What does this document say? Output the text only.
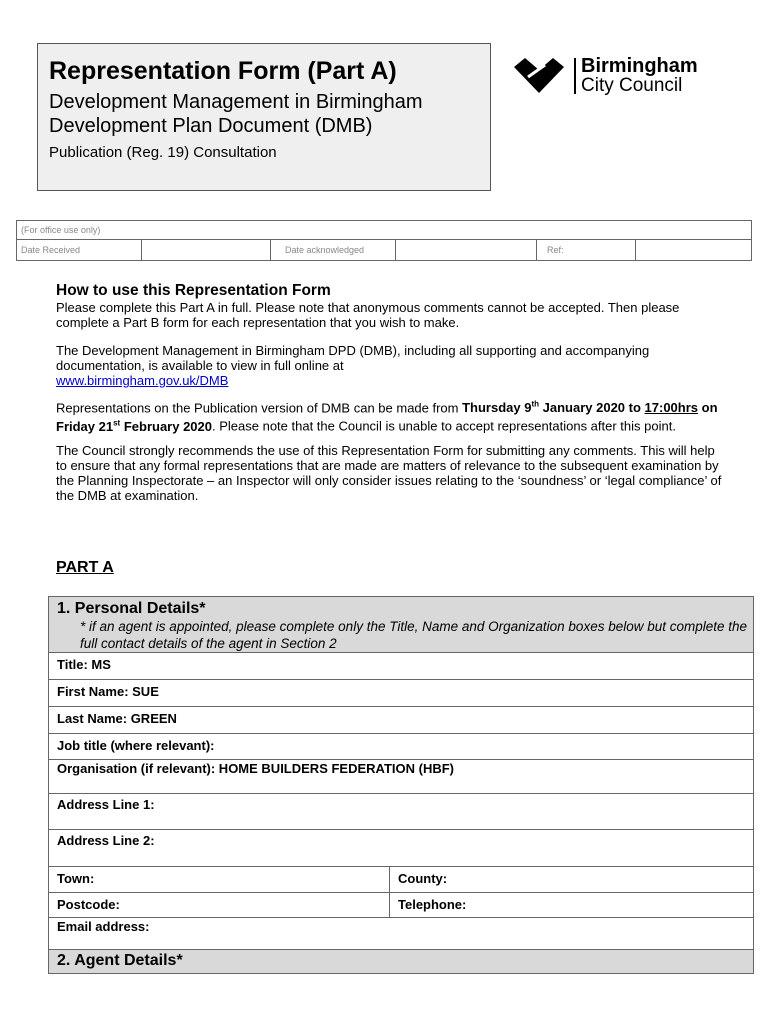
Representation Form (Part A)
Development Management in Birmingham Development Plan Document (DMB)
Publication (Reg. 19) Consultation
Birmingham
City Council
(For office use only)
Date Received		Date acknowledged		Ref:	
How to use this Representation Form

Please complete this Part A in full. Please note that anonymous comments cannot be accepted. Then please complete a Part B form for each representation that you wish to make.

The Development Management in Birmingham DPD (DMB), including all supporting and accompanying documentation, is available to view in full online at

www.birmingham.gov.uk/DMB

Representations on the Publication version of DMB can be made from Thursday 9th January 2020 to 17:00hrs on Friday 21st February 2020. Please note that the Council is unable to accept representations after this point.

The Council strongly recommends the use of this Representation Form for submitting any comments. This will help to ensure that any formal representations that are made are matters of relevance to the subsequent examination by the Planning Inspectorate – an Inspector will only consider issues relating to the ‘soundness’ or ‘legal compliance’ of the DMB at examination.

PART A
1. Personal Details*
* if an agent is appointed, please complete only the Title, Name and Organization boxes below but complete the full contact details of the agent in Section 2	

Title: MS	
First Name: SUE	
Last Name: GREEN	
Job title (where relevant):	
Organisation (if relevant): HOME BUILDERS FEDERATION (HBF)	
Address Line 1:	
Address Line 2:	
Town:	County:
Postcode:	Telephone:
Email address:	

2. Agent Details*	
